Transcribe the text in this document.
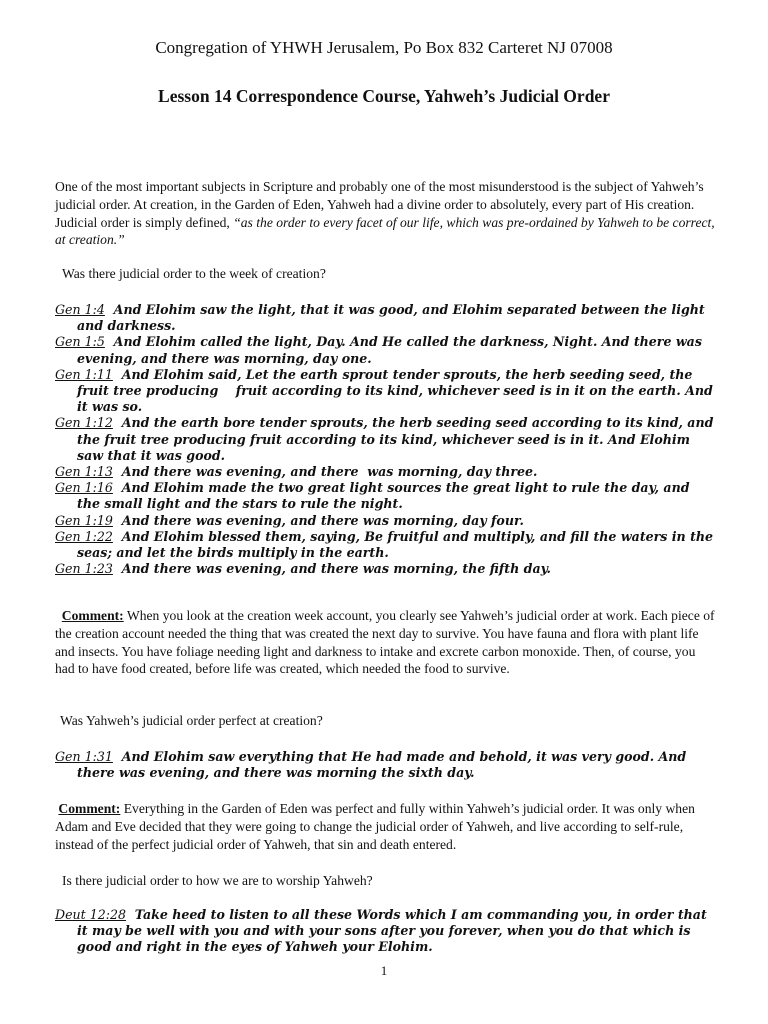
Congregation of YHWH Jerusalem, Po Box 832 Carteret NJ 07008
Lesson 14 Correspondence Course, Yahweh’s Judicial Order

One of the most important subjects in Scripture and probably one of the most misunderstood is the subject of Yahweh’s judicial order. At creation, in the Garden of Eden, Yahweh had a divine order to absolutely, every part of His creation. Judicial order is simply defined, “as the order to every facet of our life, which was pre-ordained by Yahweh to be correct, at creation.”

Was there judicial order to the week of creation?

Gen 1:4  And Elohim saw the light, that it was good, and Elohim separated between the light and darkness.
Gen 1:5  And Elohim called the light, Day. And He called the darkness, Night. And there was evening, and there was morning, day one.
Gen 1:11  And Elohim said, Let the earth sprout tender sprouts, the herb seeding seed, the fruit tree producing    fruit according to its kind, whichever seed is in it on the earth. And it was so.
Gen 1:12  And the earth bore tender sprouts, the herb seeding seed according to its kind, and the fruit tree producing fruit according to its kind, whichever seed is in it. And Elohim saw that it was good.
Gen 1:13  And there was evening, and there  was morning, day three.
Gen 1:16  And Elohim made the two great light sources the great light to rule the day, and the small light and the stars to rule the night.
Gen 1:19  And there was evening, and there was morning, day four.
Gen 1:22  And Elohim blessed them, saying, Be fruitful and multiply, and fill the waters in the seas; and let the birds multiply in the earth.
Gen 1:23  And there was evening, and there was morning, the fifth day.

Comment: When you look at the creation week account, you clearly see Yahweh’s judicial order at work. Each piece of the creation account needed the thing that was created the next day to survive. You have fauna and flora with plant life and insects. You have foliage needing light and darkness to intake and excrete carbon monoxide. Then, of course, you had to have food created, before life was created, which needed the food to survive.

Was Yahweh’s judicial order perfect at creation?

Gen 1:31  And Elohim saw everything that He had made and behold, it was very good. And there was evening, and there was morning the sixth day.

Comment: Everything in the Garden of Eden was perfect and fully within Yahweh’s judicial order. It was only when Adam and Eve decided that they were going to change the judicial order of Yahweh, and live according to self-rule, instead of the perfect judicial order of Yahweh, that sin and death entered.

Is there judicial order to how we are to worship Yahweh?

Deut 12:28  Take heed to listen to all these Words which I am commanding you, in order that it may be well with you and with your sons after you forever, when you do that which is good and right in the eyes of Yahweh your Elohim.
1
